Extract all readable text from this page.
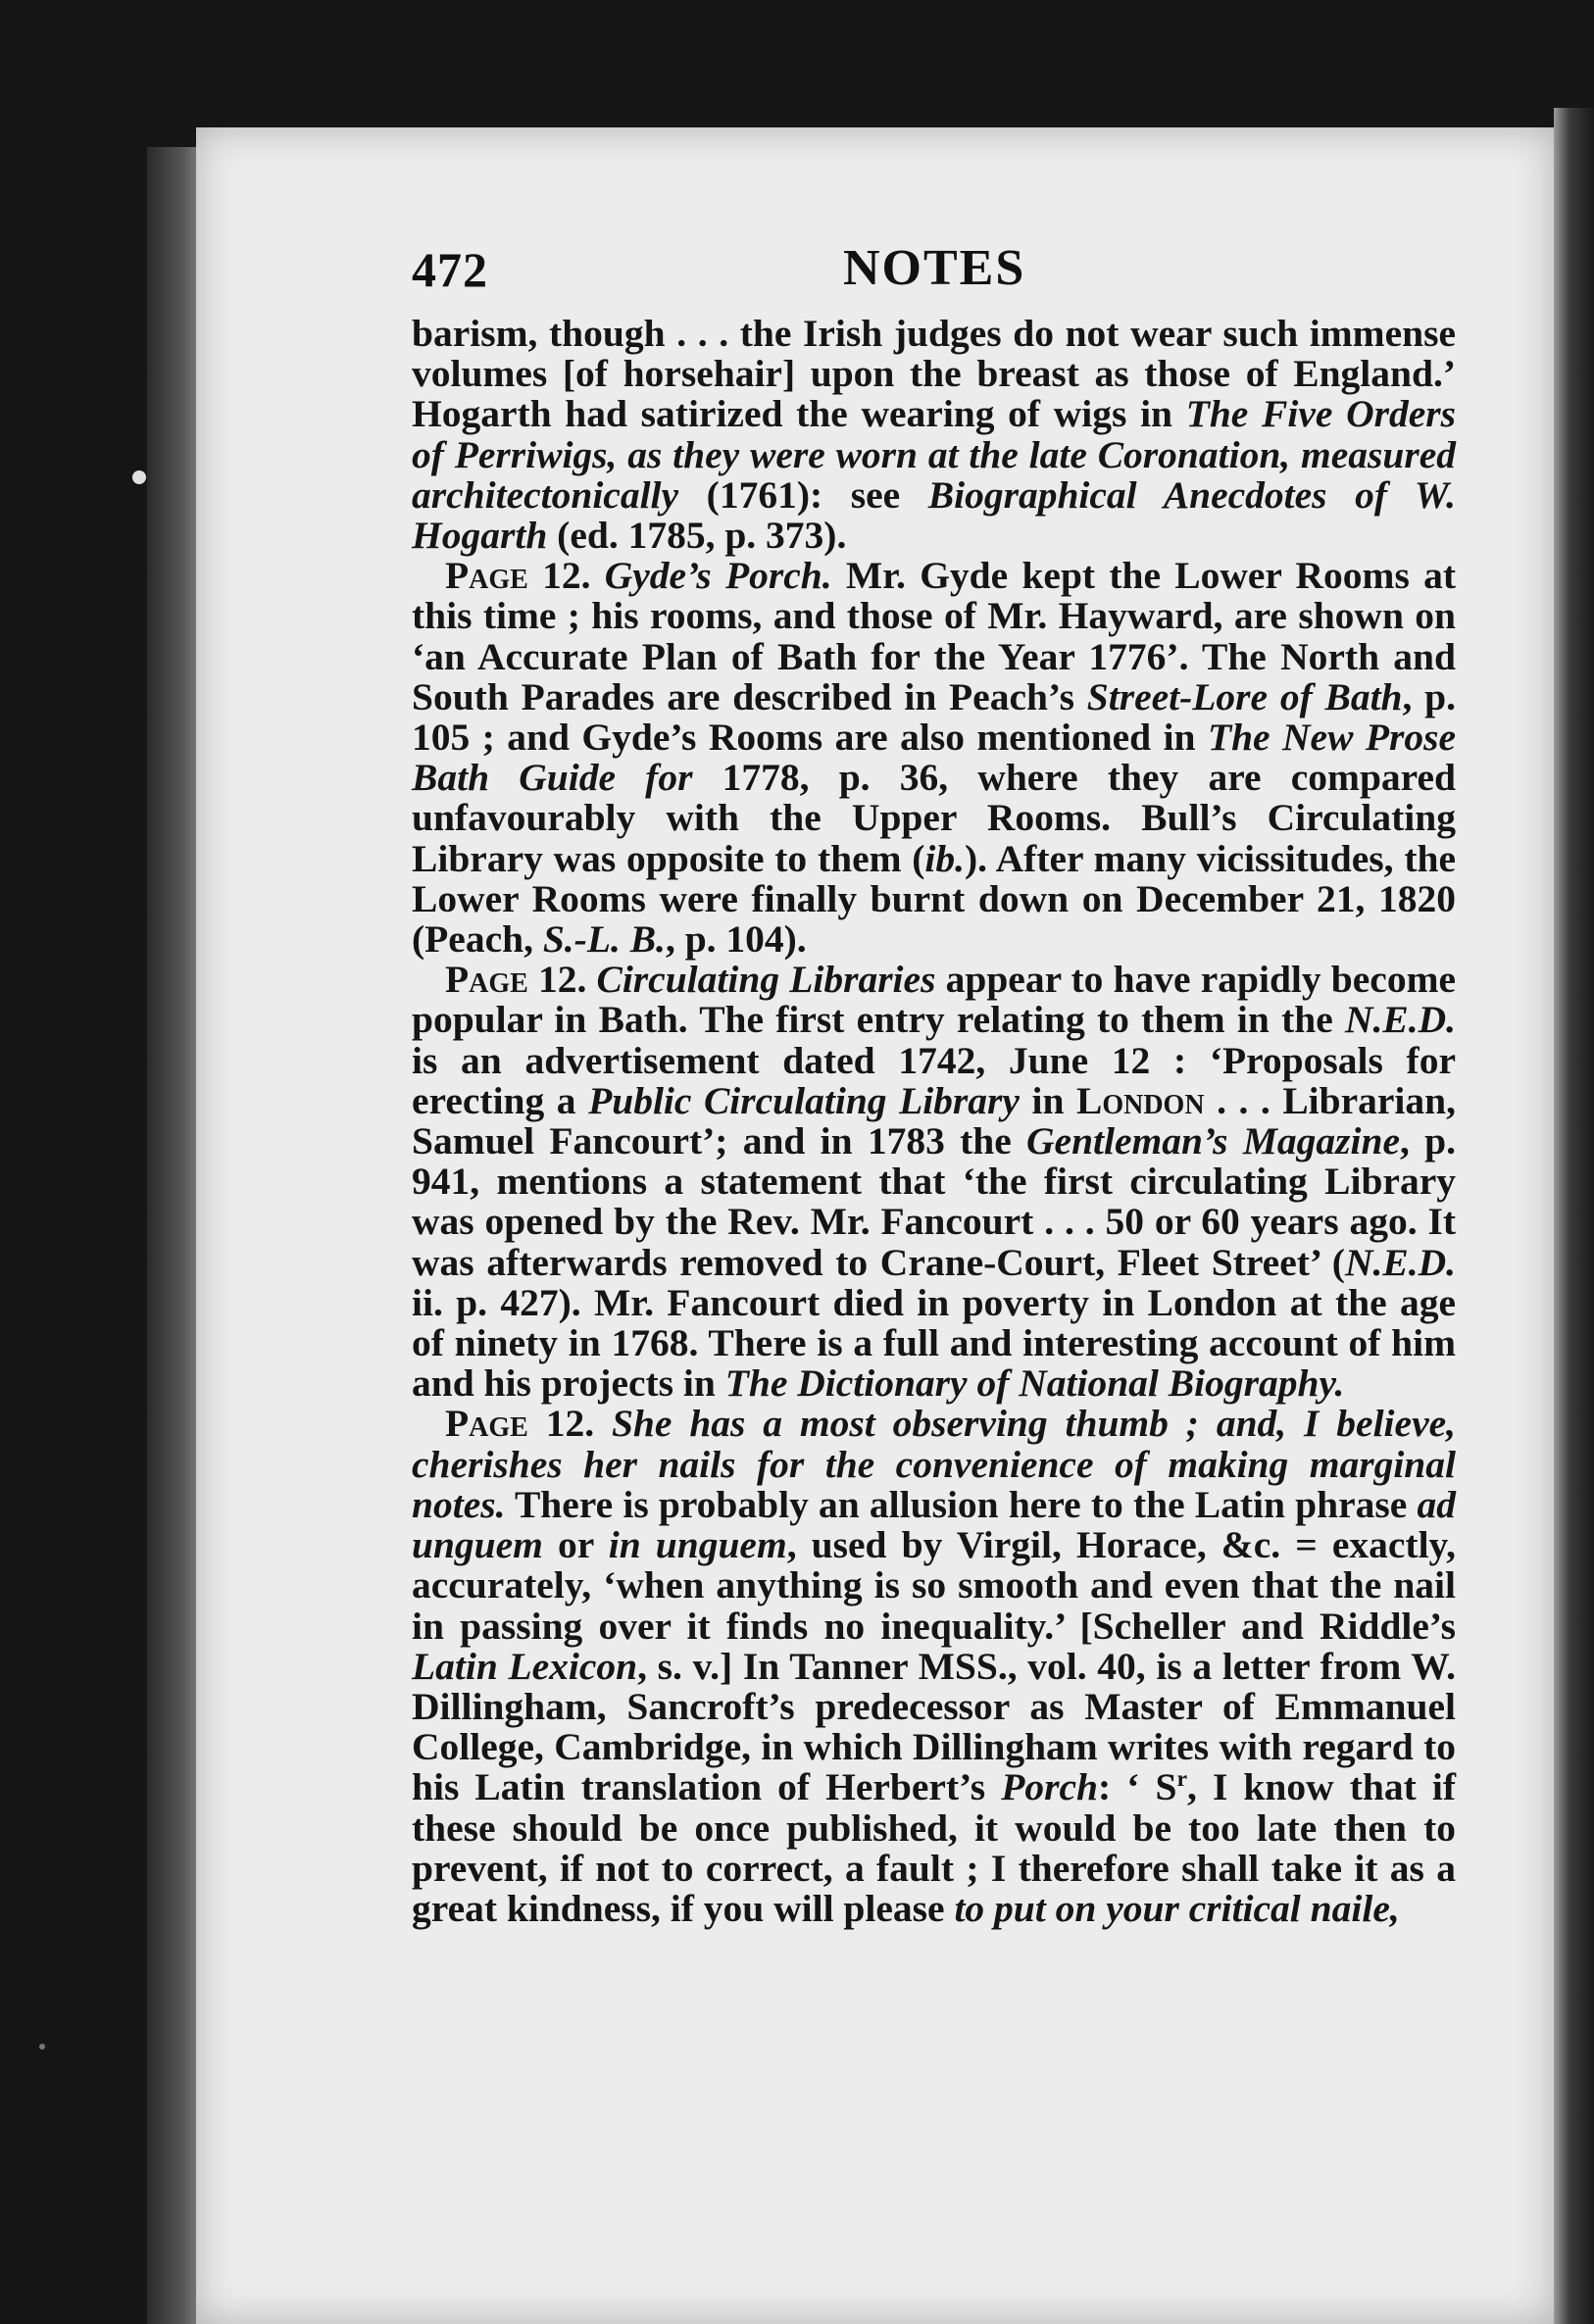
472	NOTES

barism, though . . . the Irish judges do not wear such immense volumes [of horsehair] upon the breast as those of England.’ Hogarth had satirized the wearing of wigs in The Five Orders of Perriwigs, as they were worn at the late Coronation, measured architectonically (1761): see Biographical Anecdotes of W. Hogarth (ed. 1785, p. 373).

Page 12. Gyde’s Porch. Mr. Gyde kept the Lower Rooms at this time ; his rooms, and those of Mr. Hayward, are shown on ‘an Accurate Plan of Bath for the Year 1776’. The North and South Parades are described in Peach’s Street-Lore of Bath, p. 105 ; and Gyde’s Rooms are also mentioned in The New Prose Bath Guide for 1778, p. 36, where they are compared unfavourably with the Upper Rooms. Bull’s Circulating Library was opposite to them (ib.). After many vicissitudes, the Lower Rooms were finally burnt down on December 21, 1820 (Peach, S.-L. B., p. 104).

Page 12. Circulating Libraries appear to have rapidly become popular in Bath. The first entry relating to them in the N.E.D. is an advertisement dated 1742, June 12 : ‘Proposals for erecting a Public Circulating Library in London . . . Librarian, Samuel Fancourt’; and in 1783 the Gentleman’s Magazine, p. 941, mentions a statement that ‘the first circulating Library was opened by the Rev. Mr. Fancourt . . . 50 or 60 years ago. It was afterwards removed to Crane-Court, Fleet Street’ (N.E.D. ii. p. 427). Mr. Fancourt died in poverty in London at the age of ninety in 1768. There is a full and interesting account of him and his projects in The Dictionary of National Biography.

Page 12. She has a most observing thumb ; and, I believe, cherishes her nails for the convenience of making marginal notes. There is probably an allusion here to the Latin phrase ad unguem or in unguem, used by Virgil, Horace, &c. = exactly, accurately, ‘when anything is so smooth and even that the nail in passing over it finds no inequality.’ [Scheller and Riddle’s Latin Lexicon, s. v.] In Tanner MSS., vol. 40, is a letter from W. Dillingham, Sancroft’s predecessor as Master of Emmanuel College, Cambridge, in which Dillingham writes with regard to his Latin translation of Herbert’s Porch: ‘ $S^r$, I know that if these should be once published, it would be too late then to prevent, if not to correct, a fault ; I therefore shall take it as a great kindness, if you will please to put on your critical naile,
